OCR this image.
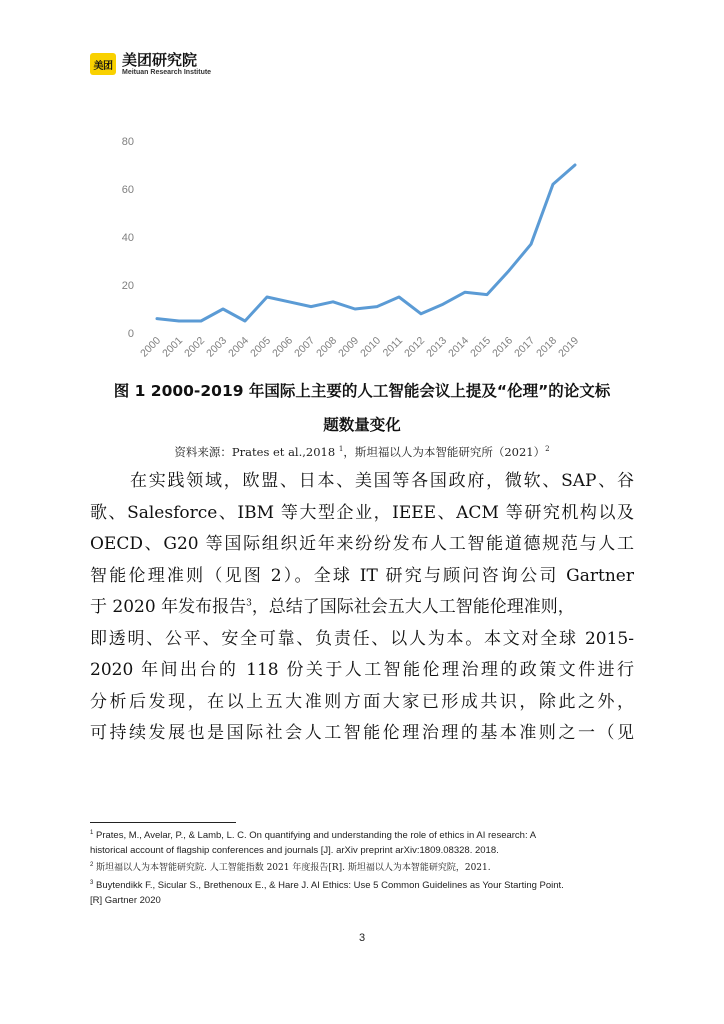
美团 美团研究院
Meituan Research Institute
0
20
40
60
80
2000
2001
2002
2003
2004
2005
2006
2007
2008
2009
2010
2011
2012
2013
2014
2015
2016
2017
2018
2019
图 1 2000-2019 年国际上主要的人工智能会议上提及“伦理”的论文标
题数量变化
资料来源：Prates et al.,2018 $^1$，斯坦福以人为本智能研究所$(2021)^2$
在实践领域，欧盟、日本、美国等各国政府，微软、SAP、谷
歌、Salesforce、IBM 等大型企业，IEEE、ACM 等研究机构以及
OECD、G20 等国际组织近年来纷纷发布人工智能道德规范与人工
智能伦理准则（见图 2）。全球 IT 研究与顾问咨询公司 Gartner
于 2020 年发布报告$^3$，总结了国际社会五大人工智能伦理准则，
即透明、公平、安全可靠、负责任、以人为本。本文对全球 2015-
2020 年间出台的 118 份关于人工智能伦理治理的政策文件进行
分析后发现，在以上五大准则方面大家已形成共识，除此之外，
可持续发展也是国际社会人工智能伦理治理的基本准则之一（见
$^1$ Prates, M., Avelar, P., & Lamb, L. C. On quantifying and understanding the role of ethics in AI research: A
historical account of flagship conferences and journals [J]. arXiv preprint arXiv:1809.08328. 2018.
$^2$ 斯坦福以人为本智能研究院. 人工智能指数 2021 年度报告[R]. 斯坦福以人为本智能研究院，2021.
$^3$ Buytendikk F., Sicular S., Brethenoux E., & Hare J. AI Ethics: Use 5 Common Guidelines as Your Starting Point.
[R] Gartner 2020
3
